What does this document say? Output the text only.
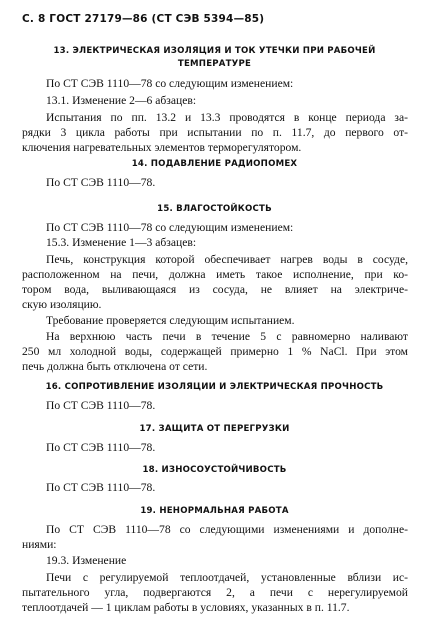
С. 8 ГОСТ 27179—86 (СТ СЭВ 5394—85)
13. ЭЛЕКТРИЧЕСКАЯ ИЗОЛЯЦИЯ И ТОК УТЕЧКИ ПРИ РАБОЧЕЙ
ТЕМПЕРАТУРЕ
По СТ СЭВ 1110—78 со следующим изменением:
13.1. Изменение 2—6 абзацев:
Испытания по пп. 13.2 и 13.3 проводятся в конце периода за-
рядки 3 цикла работы при испытании по п. 11.7, до первого от-
ключения нагревательных элементов терморегулятором.
14. ПОДАВЛЕНИЕ РАДИОПОМЕХ
По СТ СЭВ 1110—78.
15. ВЛАГОСТОЙКОСТЬ
По СТ СЭВ 1110—78 со следующим изменением:
15.3. Изменение 1—3 абзацев:
Печь, конструкция которой обеспечивает нагрев воды в сосуде,
расположенном на печи, должна иметь такое исполнение, при ко-
тором вода, выливающаяся из сосуда, не влияет на электриче-
скую изоляцию.
Требование проверяется следующим испытанием.
На верхнюю часть печи в течение 5 с равномерно наливают
250 мл холодной воды, содержащей примерно 1 % NaCl. При этом
печь должна быть отключена от сети.
16. СОПРОТИВЛЕНИЕ ИЗОЛЯЦИИ И ЭЛЕКТРИЧЕСКАЯ ПРОЧНОСТЬ
По СТ СЭВ 1110—78.
17. ЗАЩИТА ОТ ПЕРЕГРУЗКИ
По СТ СЭВ 1110—78.
18. ИЗНОСОУСТОЙЧИВОСТЬ
По СТ СЭВ 1110—78.
19. НЕНОРМАЛЬНАЯ РАБОТА
По СТ СЭВ 1110—78 со следующими изменениями и дополне-
ниями:
19.3. Изменение
Печи с регулируемой теплоотдачей, установленные вблизи ис-
пытательного угла, подвергаются 2, а печи с нерегулируемой
теплоотдачей — 1 циклам работы в условиях, указанных в п. 11.7.
